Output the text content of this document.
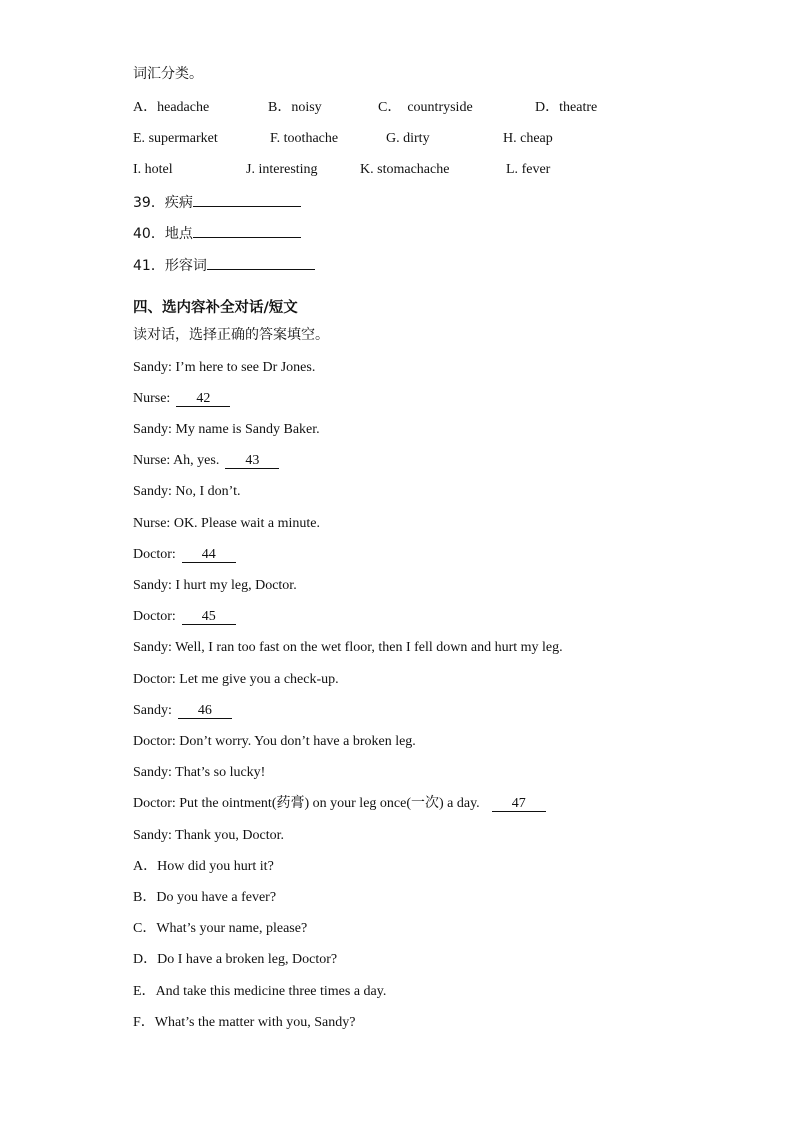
词汇分类。
A．headache	B．noisy	C． countryside	D．theatre
E. supermarket	F. toothache	G. dirty	H. cheap
I. hotel	J. interesting	K. stomachache	L. fever
39．疾病
40．地点
41．形容词
四、选内容补全对话/短文
读对话，选择正确的答案填空。
Sandy: I’m here to see Dr Jones.
Nurse: 42
Sandy: My name is Sandy Baker.
Nurse: Ah, yes. 43
Sandy: No, I don’t.
Nurse: OK. Please wait a minute.
Doctor: 44
Sandy: I hurt my leg, Doctor.
Doctor: 45
Sandy: Well, I ran too fast on the wet floor, then I fell down and hurt my leg.
Doctor: Let me give you a check-up.
Sandy: 46
Doctor: Don’t worry. You don’t have a broken leg.
Sandy: That’s so lucky!
Doctor: Put the ointment(药膏) on your leg once(一次) a day. 47
Sandy: Thank you, Doctor.
A．How did you hurt it?
B．Do you have a fever?
C．What’s your name, please?
D．Do I have a broken leg, Doctor?
E．And take this medicine three times a day.
F．What’s the matter with you, Sandy?
